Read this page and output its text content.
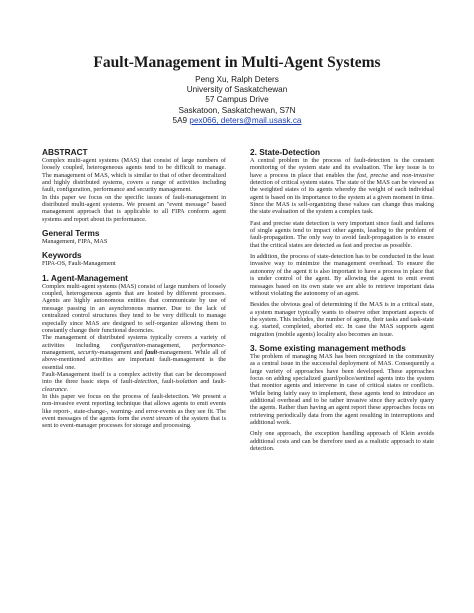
Fault-Management in Multi-Agent Systems
Peng Xu, Ralph Deters
University of Saskatchewan
57 Campus Drive
Saskatoon, Saskatchewan, S7N
5A9 pex066, deters@mail.usask.ca
ABSTRACT

Complex multi-agent systems (MAS) that consist of large numbers of loosely coupled, heterogeneous agents tend to be difficult to manage. The management of MAS, which is similar to that of other decentralized and highly distributed systems, covers a range of activities including fault, configuration, performance and security management.

In this paper we focus on the specific issues of fault-management in distributed multi-agent systems. We present an "event message" based management approach that is applicable to all FIPA conform agent systems and report about its performance.

General Terms

Management, FIPA, MAS

Keywords

FIPA-OS, Fault-Management

1. Agent-Management

Complex multi-agent systems (MAS) consist of large numbers of loosely coupled, heterogeneous agents that are hosted by different processes. Agents are highly autonomous entities that communicate by use of message passing in an asynchronous manner. Due to the lack of centralized control structures they tend to be very difficult to manage especially since MAS are designed to self-organize allowing them to constantly change their functional decencies.

The management of distributed systems typically covers a variety of activities including configuration-management, performance-management, security-management and fault-management. While all of above-mentioned activities are important fault-management is the essential one.

Fault-Management itself is a complex activity that can be decomposed into the three basic steps of fault-detection, fault-isolation and fault-clearance.

In this paper we focus on the process of fault-detection. We present a non-invasive event reporting technique that allows agents to emit events like report-, state-change-, warning- and error-events as they see fit. The event messages of the agents form the event stream of the system that is sent to event-manager processes for storage and processing.

2. State-Detection

A central problem in the process of fault-detection is the constant monitoring of the system state and its evaluation. The key issue is to have a process in place that enables the fast, precise and non-invasive detection of critical system states. The state of the MAS can be viewed as the weighted states of its agents whereby the weight of each individual agent is based on its importance to the system at a given moment in time. Since the MAS is self-organizing these values can change thus making the state evaluation of the system a complex task.

Fast and precise state detection is very important since fault and failures of single agents tend to impact other agents, leading to the problem of fault-propagation. The only way to avoid fault-propagation is to ensure that the critical states are detected as fast and precise as possible.

In addition, the process of state-detection has to be conducted in the least invasive way to minimize the management overhead. To ensure the autonomy of the agent it is also important to have a process in place that is under control of the agent. By allowing the agent to emit event messages based on its own state we are able to retrieve important data without violating the autonomy of an agent.

Besides the obvious goal of determining if the MAS is in a critical state, a system manager typically wants to observe other important aspects of the system. This includes, the number of agents, their tasks and task-state e.g. started, completed, aborted etc. In case the MAS supports agent migration (mobile agents) locality also becomes an issue.

3. Some existing management methods

The problem of managing MAS has been recognized in the community as a central issue in the successful deployment of MAS. Consequently a large variety of approaches have been developed. These approaches focus on adding specialized guard/police/sentinel agents into the system that monitor agents and intervene in case of critical states or conflicts. While being fairly easy to implement, these agents tend to introduce an additional overhead and to be rather invasive since they actively query the agents. Rather than having an agent report these approaches focus on retrieving periodically data from the agent resulting in interruptions and additional work.

Only one approach, the exception handling approach of Klein avoids additional costs and can be therefore used as a realistic approach to state detection.
